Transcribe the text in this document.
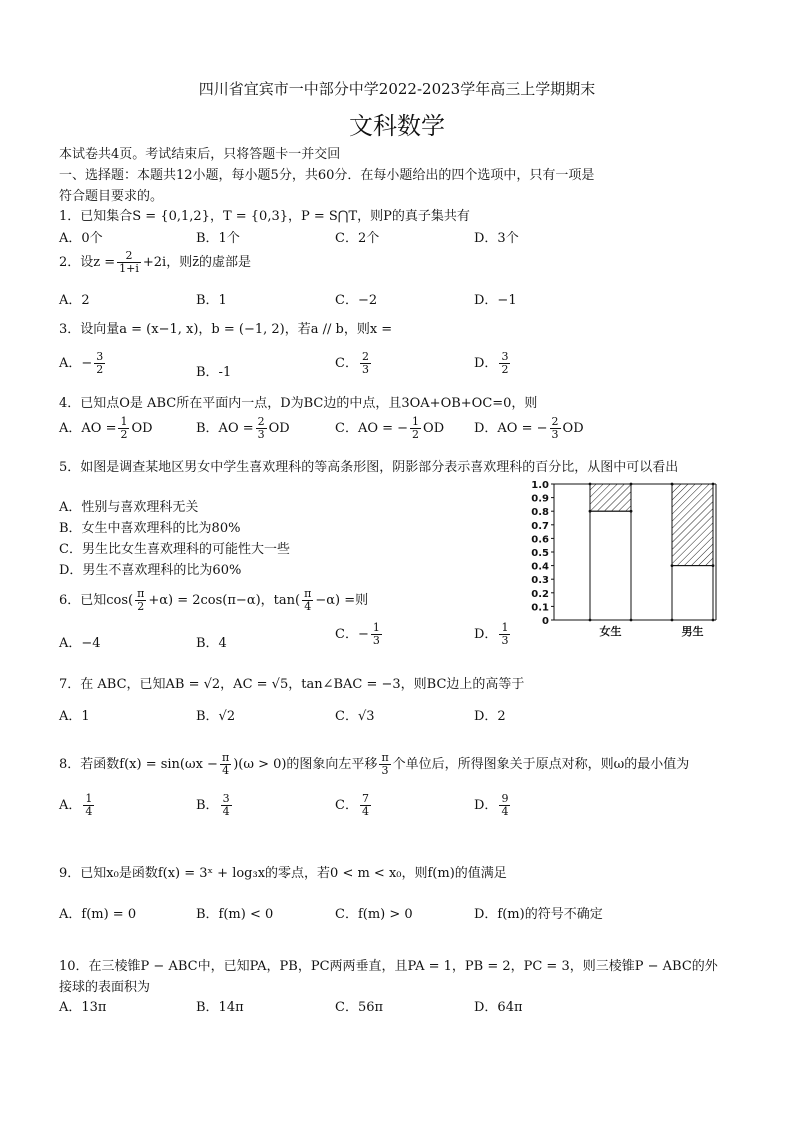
四川省宜宾市一中部分中学2022-2023学年高三上学期期末
文科数学
本试卷共4页。考试结束后，只将答题卡一并交回
一、选择题：本题共12小题，每小题5分，共60分．在每小题给出的四个选项中，只有一项是
符合题目要求的。
1．已知集合S = {0,1,2}，T = {0,3}，P = S⋂T，则P的真子集共有
A．0个	B．1个	C．2个	D．3个
2．设$z = \frac{2}{1+i} +2i$，则z̄的虚部是
A．2	B．1	C．−2	D．−1
3．设向量a = (x−1, x)，b = (−1, 2)，若a // b，则x =
A．− $\frac{3}{2}$	B．-1
C． $\frac{2}{3}$	D． $\frac{3}{2}$
4．已知点O是 ABC所在平面内一点，D为BC边的中点，且3OA+OB+OC=0，则
A．AO = $\frac{1}{2}$ OD	B．AO = $\frac{2}{3}$ OD	C．AO = − $\frac{1}{2}$ OD D．AO = − $\frac{2}{3}$ OD
5．如图是调查某地区男女中学生喜欢理科的等高条形图，阴影部分表示喜欢理科的百分比，从图中可以看出
A．性别与喜欢理科无关
B．女生中喜欢理科的比为80%
C．男生比女生喜欢理科的可能性大一些
D．男生不喜欢理科的比为60%
0
0.1
0.2
0.3
0.4
0.5
0.6
0.7
0.8
0.9
1.0
女生	男生
6．已知$\cos( \frac{\pi}{2} +\alpha) = 2\cos(\pi-\alpha)$，$\tan( \frac{\pi}{4} -\alpha)$ =则
A．−4	B．4
C．− $\frac{1}{3}$	D． $\frac{1}{3}$
7．在 ABC，已知AB = √2，AC = √5，tan∠BAC = −3，则BC边上的高等于
A．1	B．√2	C．√3	D．2
8．若函数$f(x) = \sin(\omega x - \frac{\pi}{4} )(\omega > 0)$的图象向左平移 $\frac{\pi}{3}$ 个单位后，所得图象关于原点对称，则ω的最小值为
A． $\frac{1}{4}$	B． $\frac{3}{4}$	C． $\frac{7}{4}$	D． $\frac{9}{4}$
9．已知x₀是函数f(x) = 3ˣ + log₃x的零点，若0 < m < x₀，则f(m)的值满足
A．f(m) = 0	B．f(m) < 0	C．f(m) > 0	D．f(m)的符号不确定
10．在三棱锥P − ABC中，已知PA，PB，PC两两垂直，且PA = 1，PB = 2，PC = 3，则三棱锥P − ABC的外
接球的表面积为
A．13π	B．14π	C．56π	D．64π
